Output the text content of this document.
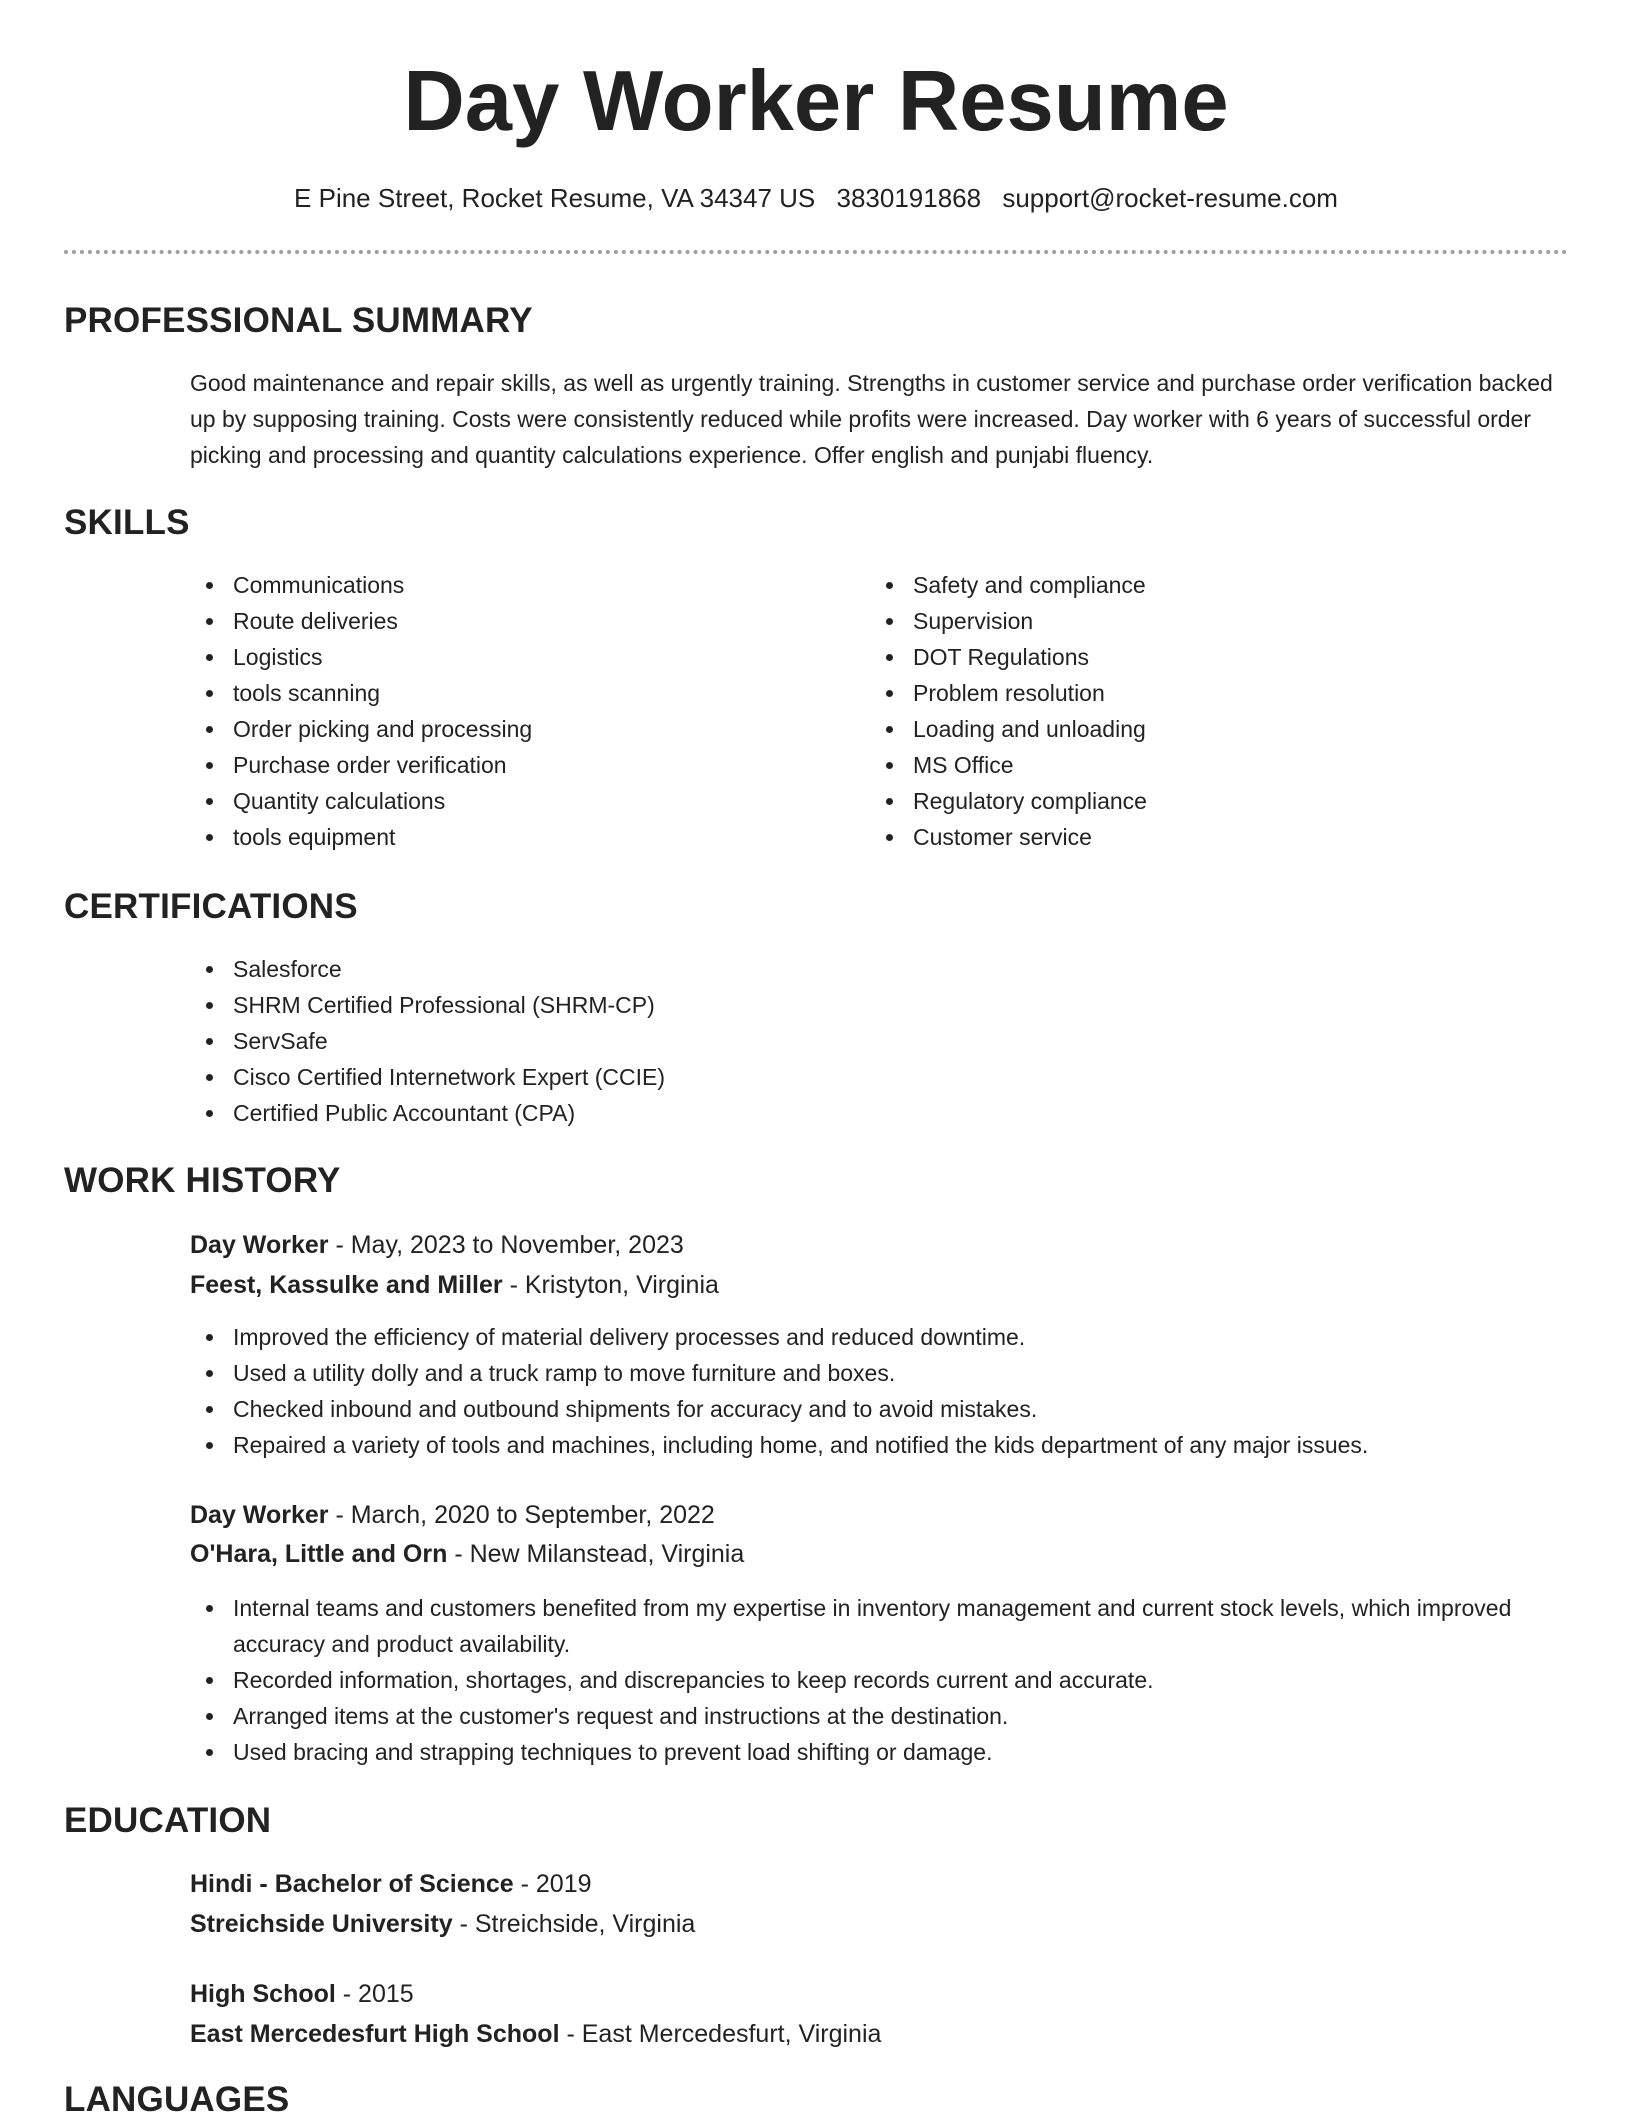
Day Worker Resume
E Pine Street, Rocket Resume, VA 34347 US 3830191868 support@rocket-resume.com
PROFESSIONAL SUMMARY

Good maintenance and repair skills, as well as urgently training. Strengths in customer service and purchase order verification backed up by supposing training. Costs were consistently reduced while profits were increased. Day worker with 6 years of successful order picking and processing and quantity calculations experience. Offer english and punjabi fluency.

SKILLS
Communications
Route deliveries
Logistics
tools scanning
Order picking and processing
Purchase order verification
Quantity calculations
tools equipment
Safety and compliance
Supervision
DOT Regulations
Problem resolution
Loading and unloading
MS Office
Regulatory compliance
Customer service
CERTIFICATIONS
Salesforce
SHRM Certified Professional (SHRM-CP)
ServSafe
Cisco Certified Internetwork Expert (CCIE)
Certified Public Accountant (CPA)
WORK HISTORY

Day Worker - May, 2023 to November, 2023

Feest, Kassulke and Miller - Kristyton, Virginia

Improved the efficiency of material delivery processes and reduced downtime.
Used a utility dolly and a truck ramp to move furniture and boxes.
Checked inbound and outbound shipments for accuracy and to avoid mistakes.
Repaired a variety of tools and machines, including home, and notified the kids department of any major issues.

Day Worker - March, 2020 to September, 2022

O'Hara, Little and Orn - New Milanstead, Virginia

Internal teams and customers benefited from my expertise in inventory management and current stock levels, which improved accuracy and product availability.
Recorded information, shortages, and discrepancies to keep records current and accurate.
Arranged items at the customer's request and instructions at the destination.
Used bracing and strapping techniques to prevent load shifting or damage.
EDUCATION

Hindi - Bachelor of Science - 2019

Streichside University - Streichside, Virginia

High School - 2015

East Mercedesfurt High School - East Mercedesfurt, Virginia

LANGUAGES
